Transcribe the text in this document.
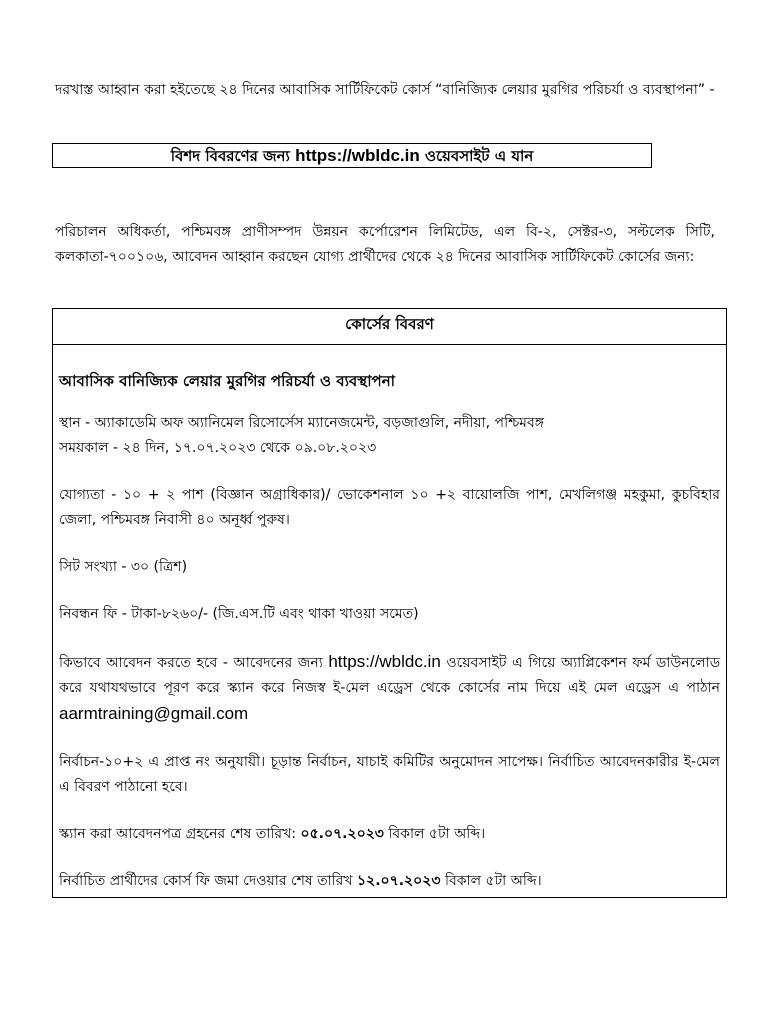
দরখাস্ত আহ্বান করা হইতেছে ২৪ দিনের আবাসিক সার্টিফিকেট কোর্স “বানিজ্যিক লেয়ার মুরগির পরিচর্যা ও ব্যবস্থাপনা” -

বিশদ বিবরণের জন্য https://wbldc.in ওয়েবসাইট এ যান

পরিচালন অধিকর্তা, পশ্চিমবঙ্গ প্রাণীসম্পদ উন্নয়ন কর্পোরেশন লিমিটেড, এল বি-২, সেক্টর-৩, সল্টলেক সিটি, কলকাতা-৭০০১০৬, আবেদন আহ্বান করছেন যোগ্য প্রার্থীদের থেকে ২৪ দিনের আবাসিক সার্টিফিকেট কোর্সের জন্য:

কোর্সের বিবরণ

আবাসিক বানিজ্যিক লেয়ার মুরগির পরিচর্যা ও ব্যবস্থাপনা

স্থান - অ্যাকাডেমি অফ অ্যানিমেল রিসোর্সেস ম্যানেজমেন্ট, বড়জাগুলি, নদীয়া, পশ্চিমবঙ্গ

সময়কাল - ২৪ দিন, ১৭.০৭.২০২৩ থেকে ০৯.০৮.২০২৩

যোগ্যতা - ১০ + ২ পাশ (বিজ্ঞান অগ্রাধিকার)/ ভোকেশনাল ১০ +২ বায়োলজি পাশ, মেখলিগঞ্জ মহকুমা, কুচবিহার জেলা, পশ্চিমবঙ্গ নিবাসী ৪০ অনূর্ধ্ব পুরুষ।

সিট সংখ্যা - ৩০ (ত্রিশ)

নিবন্ধন ফি - টাকা-৮২৬০/- (জি.এস.টি এবং থাকা খাওয়া সমেত)

কিভাবে আবেদন করতে হবে - আবেদনের জন্য https://wbldc.in ওয়েবসাইট এ গিয়ে অ্যাপ্লিকেশন ফর্ম ডাউনলোড করে যথাযথভাবে পূরণ করে স্ক্যান করে নিজস্ব ই-মেল এড্রেস থেকে কোর্সের নাম দিয়ে এই মেল এড্রেস এ পাঠান aarmtraining@gmail.com

নির্বাচন-১০+২ এ প্রাপ্ত নং অনুযায়ী। চূড়ান্ত নির্বাচন, যাচাই কমিটির অনুমোদন সাপেক্ষ। নির্বাচিত আবেদনকারীর ই-মেল এ বিবরণ পাঠানো হবে।

স্ক্যান করা আবেদনপত্র গ্রহনের শেষ তারিখ: ০৫.০৭.২০২৩ বিকাল ৫টা অব্দি।

নির্বাচিত প্রার্থীদের কোর্স ফি জমা দেওয়ার শেষ তারিখ ১২.০৭.২০২৩ বিকাল ৫টা অব্দি।
